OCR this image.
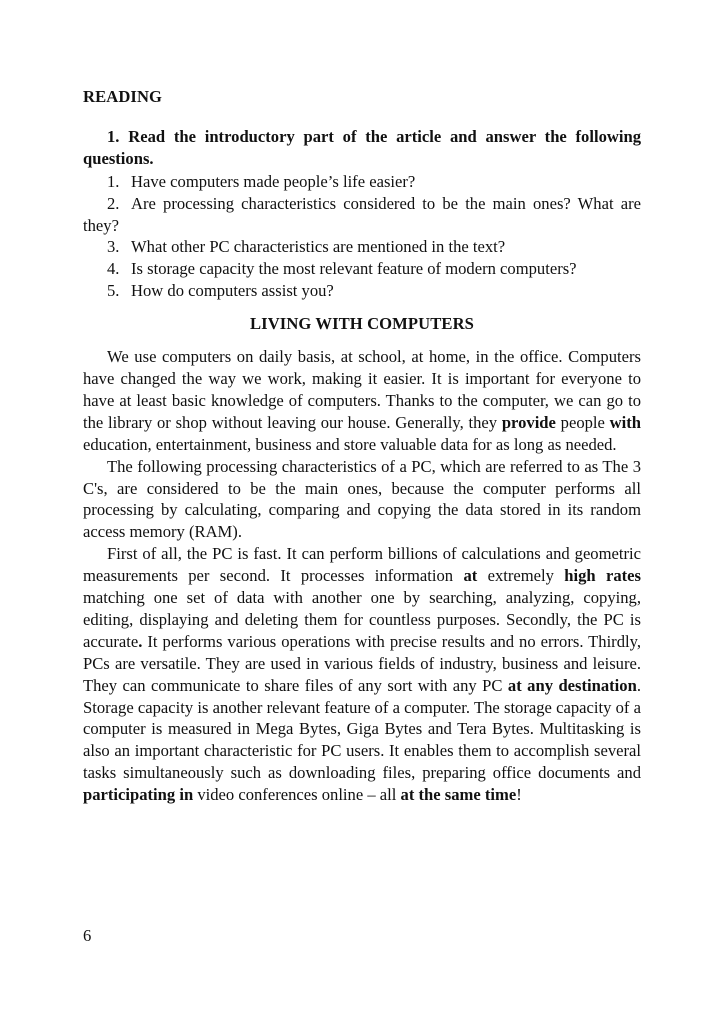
READING
1. Read the introductory part of the article and answer the following questions.
1. Have computers made people’s life easier?
2. Are processing characteristics considered to be the main ones? What are they?
3. What other PC characteristics are mentioned in the text?
4. Is storage capacity the most relevant feature of modern computers?
5. How do computers assist you?
LIVING WITH COMPUTERS

We use computers on daily basis, at school, at home, in the office. Computers have changed the way we work, making it easier. It is important for everyone to have at least basic knowledge of computers. Thanks to the computer, we can go to the library or shop without leaving our house. Generally, they provide people with education, entertainment, business and store valuable data for as long as needed.

The following processing characteristics of a PC, which are referred to as The 3 C's, are considered to be the main ones, because the computer performs all processing by calculating, comparing and copying the data stored in its random access memory (RAM).

First of all, the PC is fast. It can perform billions of calculations and geometric measurements per second. It processes information at extremely high rates matching one set of data with another one by searching, analyzing, copying, editing, displaying and deleting them for countless purposes. Secondly, the PC is accurate. It performs various operations with precise results and no errors. Thirdly, PCs are versatile. They are used in various fields of industry, business and leisure. They can communicate to share files of any sort with any PC at any destination. Storage capacity is another relevant feature of a computer. The storage capacity of a computer is measured in Mega Bytes, Giga Bytes and Tera Bytes. Multitasking is also an important characteristic for PC users. It enables them to accomplish several tasks simultaneously such as downloading files, preparing office documents and participating in video conferences online – all at the same time!

6
